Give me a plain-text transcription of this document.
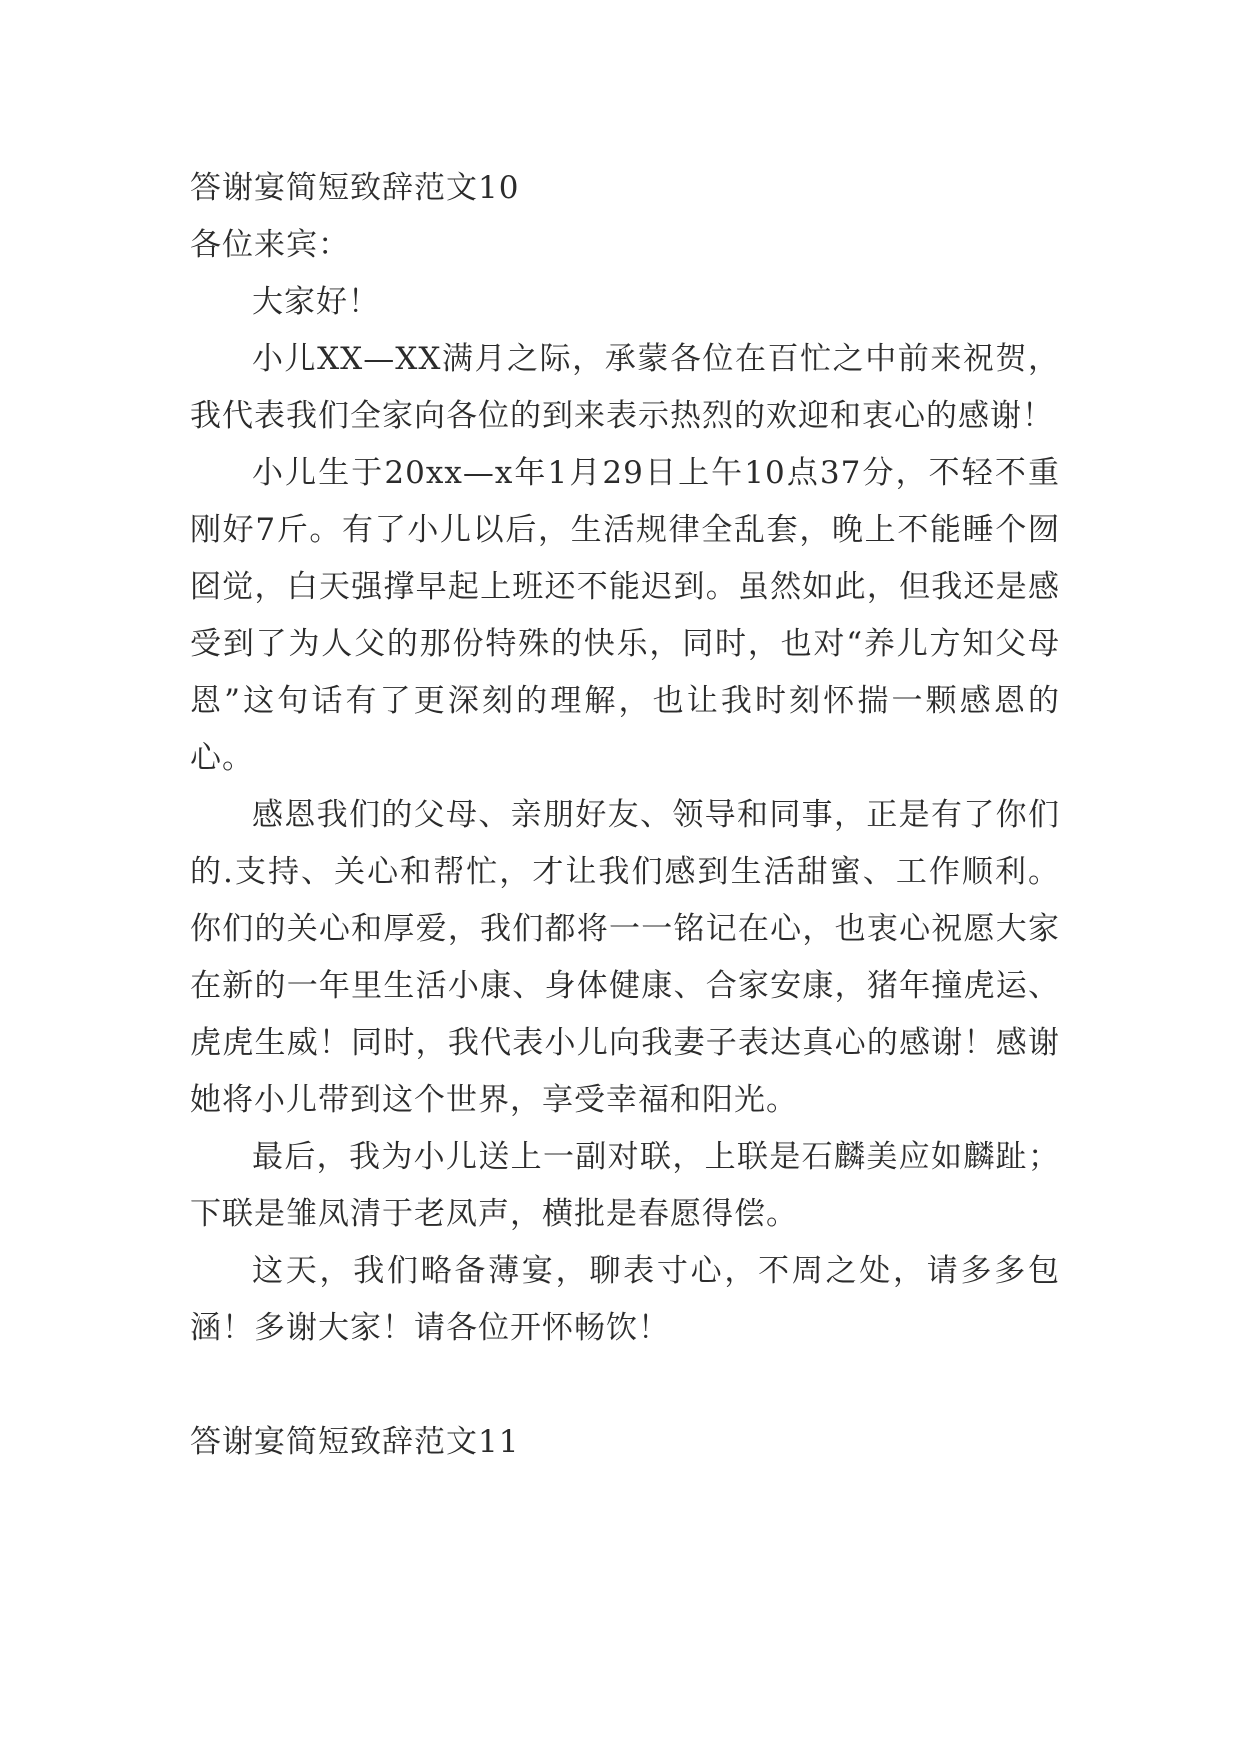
答谢宴简短致辞范文10
各位来宾：

大家好！

小儿XX—XX满月之际，承蒙各位在百忙之中前来祝贺，我代表我们全家向各位的到来表示热烈的欢迎和衷心的感谢！

小儿生于20xx—x年1月29日上午10点37分，不轻不重刚好7斤。有了小儿以后，生活规律全乱套，晚上不能睡个囫囵觉，白天强撑早起上班还不能迟到。虽然如此，但我还是感受到了为人父的那份特殊的快乐，同时，也对“养儿方知父母恩”这句话有了更深刻的理解，也让我时刻怀揣一颗感恩的心。

感恩我们的父母、亲朋好友、领导和同事，正是有了你们的.支持、关心和帮忙，才让我们感到生活甜蜜、工作顺利。你们的关心和厚爱，我们都将一一铭记在心，也衷心祝愿大家在新的一年里生活小康、身体健康、合家安康，猪年撞虎运、虎虎生威！同时，我代表小儿向我妻子表达真心的感谢！感谢她将小儿带到这个世界，享受幸福和阳光。

最后，我为小儿送上一副对联，上联是石麟美应如麟趾；下联是雏凤清于老凤声，横批是春愿得偿。

这天，我们略备薄宴，聊表寸心，不周之处，请多多包涵！多谢大家！请各位开怀畅饮！

答谢宴简短致辞范文11
